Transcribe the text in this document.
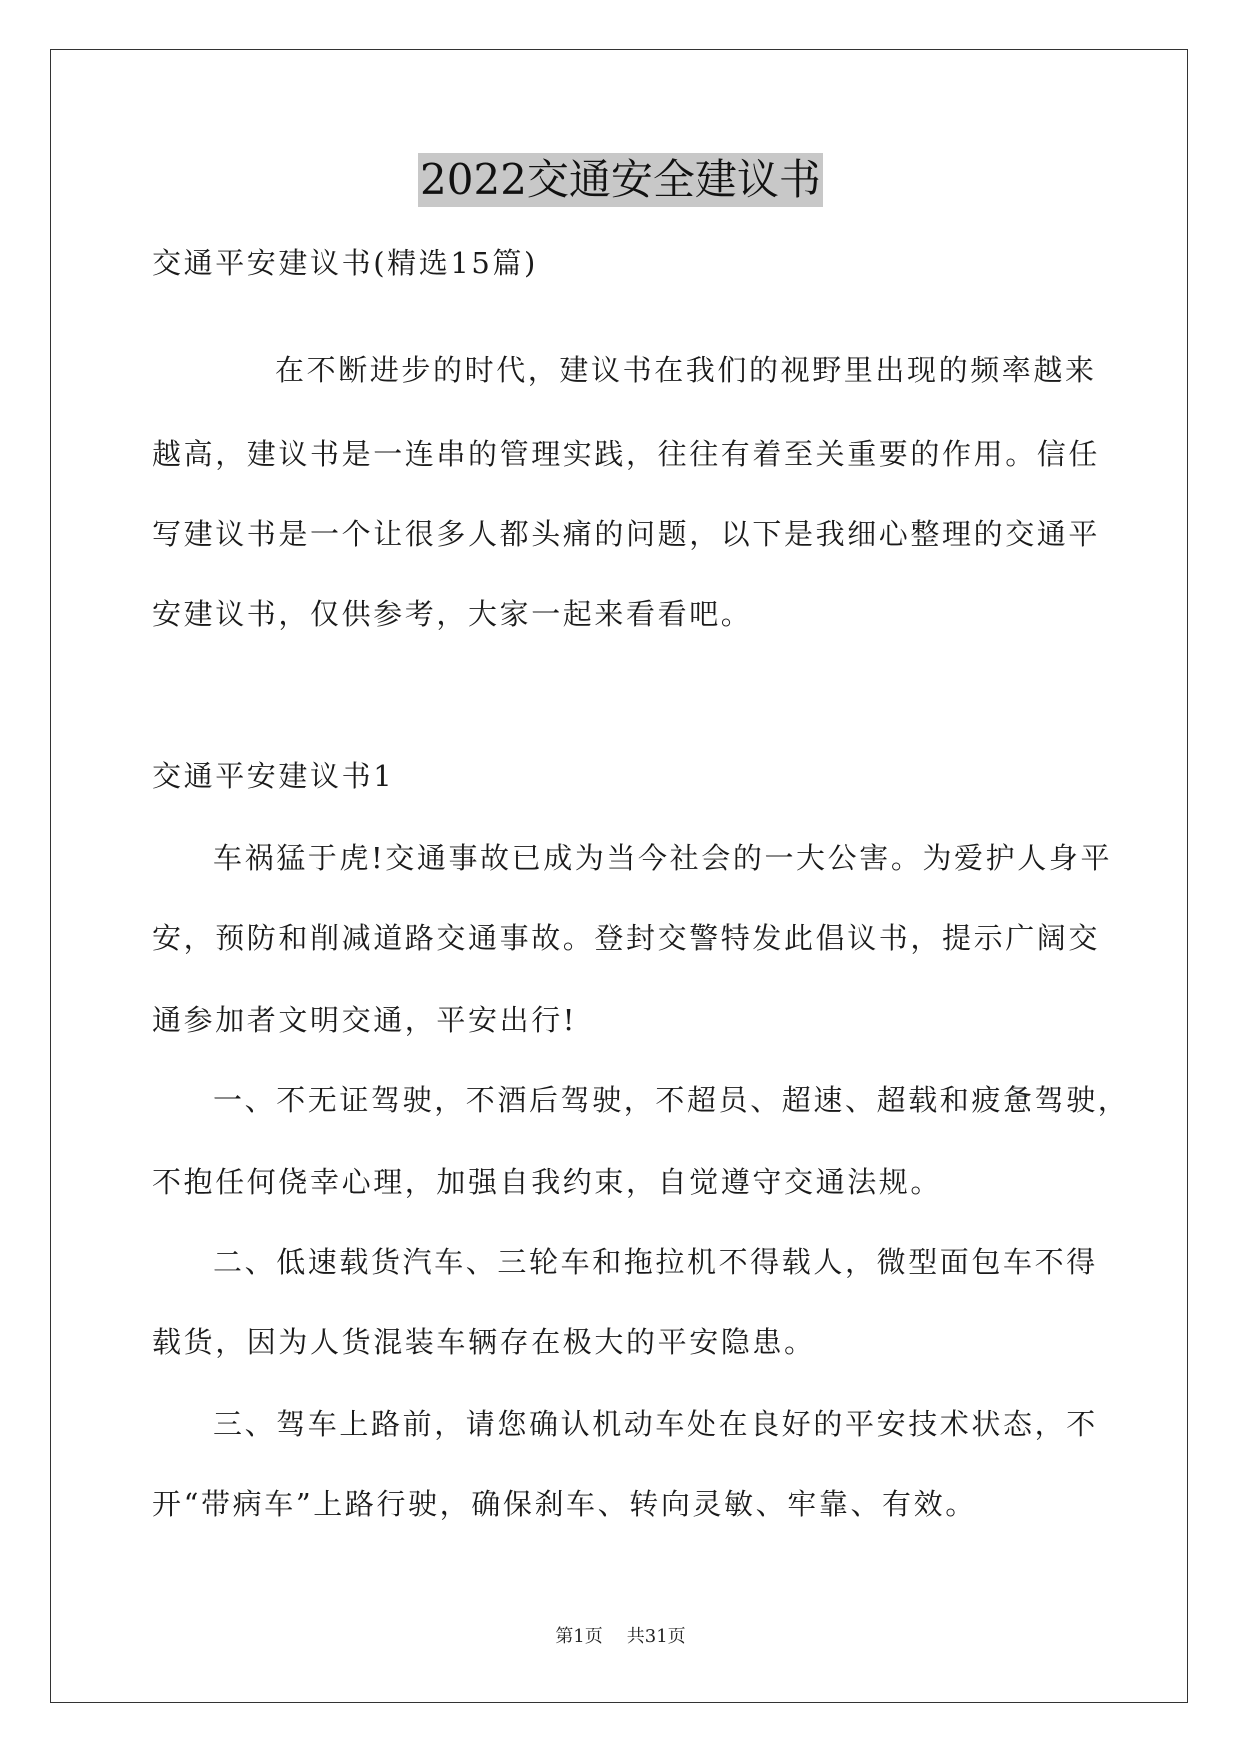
2022交通安全建议书
交通平安建议书(精选15篇)
在不断进步的时代，建议书在我们的视野里出现的频率越来
越高，建议书是一连串的管理实践，往往有着至关重要的作用。信任
写建议书是一个让很多人都头痛的问题，以下是我细心整理的交通平
安建议书，仅供参考，大家一起来看看吧。
交通平安建议书1
车祸猛于虎!交通事故已成为当今社会的一大公害。为爱护人身平
安，预防和削减道路交通事故。登封交警特发此倡议书，提示广阔交
通参加者文明交通，平安出行!
一、不无证驾驶，不酒后驾驶，不超员、超速、超载和疲惫驾驶，
不抱任何侥幸心理，加强自我约束，自觉遵守交通法规。
二、低速载货汽车、三轮车和拖拉机不得载人，微型面包车不得
载货，因为人货混装车辆存在极大的平安隐患。
三、驾车上路前，请您确认机动车处在良好的平安技术状态，不
开“带病车”上路行驶，确保刹车、转向灵敏、牢靠、有效。
第1页 共31页
